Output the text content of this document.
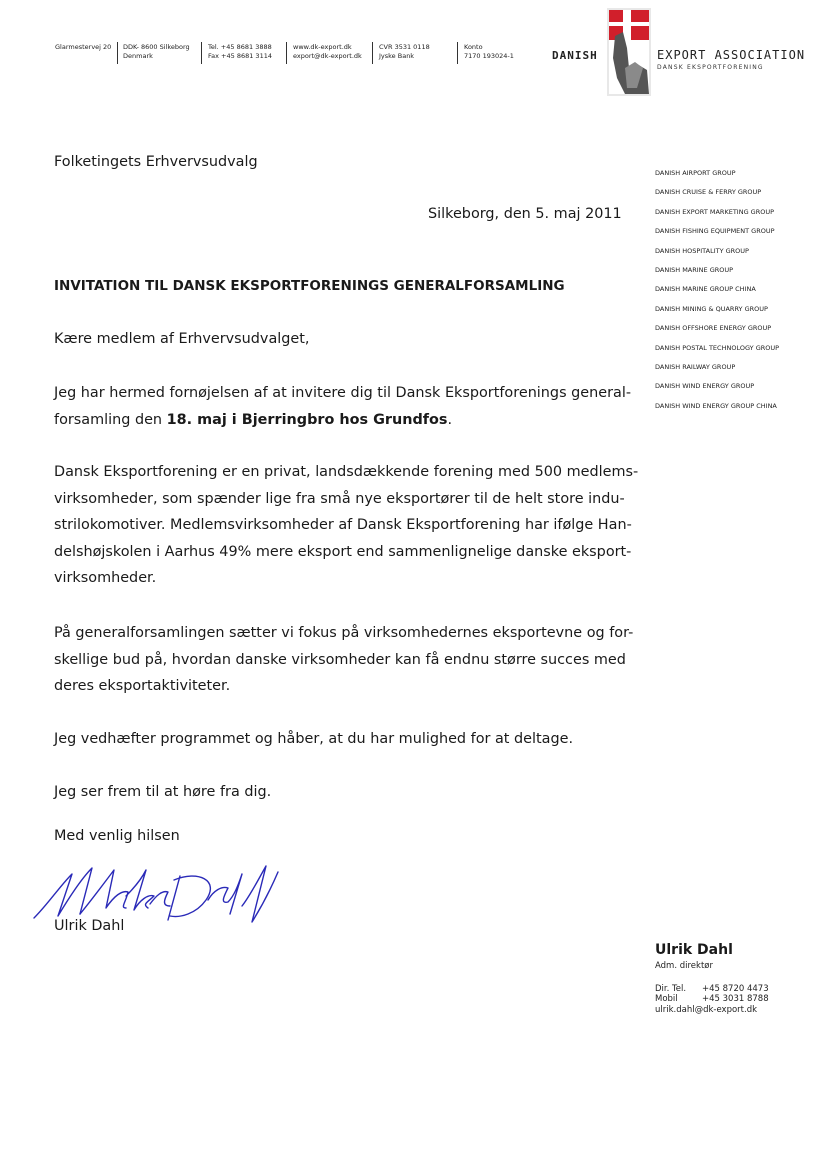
Glarmestervej 20 DDK- 8600 Silkeborg
Denmark
Tel. +45 8681 3888
Fax +45 8681 3114
www.dk-export.dk
export@dk-export.dk
CVR 3531 0118
Jyske Bank
Konto
7170 193024-1	DANISH	EXPORT ASSOCIATION
DANSK EKSPORTFORENING
DANISH AIRPORT GROUP
DANISH CRUISE & FERRY GROUP
DANISH EXPORT MARKETING GROUP
DANISH FISHING EQUIPMENT GROUP
DANISH HOSPITALITY GROUP
DANISH MARINE GROUP
DANISH MARINE GROUP CHINA
DANISH MINING & QUARRY GROUP
DANISH OFFSHORE ENERGY GROUP
DANISH POSTAL TECHNOLOGY GROUP
DANISH RAILWAY GROUP
DANISH WIND ENERGY GROUP
DANISH WIND ENERGY GROUP CHINA
Folketingets Erhvervsudvalg
Silkeborg, den 5. maj 2011
INVITATION TIL DANSK EKSPORTFORENINGS GENERALFORSAMLING
Kære medlem af Erhvervsudvalget,
Jeg har hermed fornøjelsen af at invitere dig til Dansk Eksportforenings general-
forsamling den 18. maj i Bjerringbro hos Grundfos.
Dansk Eksportforening er en privat, landsdækkende forening med 500 medlems-
virksomheder, som spænder lige fra små nye eksportører til de helt store indu-
strilokomotiver. Medlemsvirksomheder af Dansk Eksportforening har ifølge Han-
delshøjskolen i Aarhus 49% mere eksport end sammenlignelige danske eksport-
virksomheder.
På generalforsamlingen sætter vi fokus på virksomhedernes eksportevne og for-
skellige bud på, hvordan danske virksomheder kan få endnu større succes med
deres eksportaktiviteter.
Jeg vedhæfter programmet og håber, at du har mulighed for at deltage.
Jeg ser frem til at høre fra dig.
Med venlig hilsen
Ulrik Dahl
Ulrik Dahl
Adm. direktør
Dir. Tel. +45 8720 4473
Mobil	+45 3031 8788
ulrik.dahl@dk-export.dk
